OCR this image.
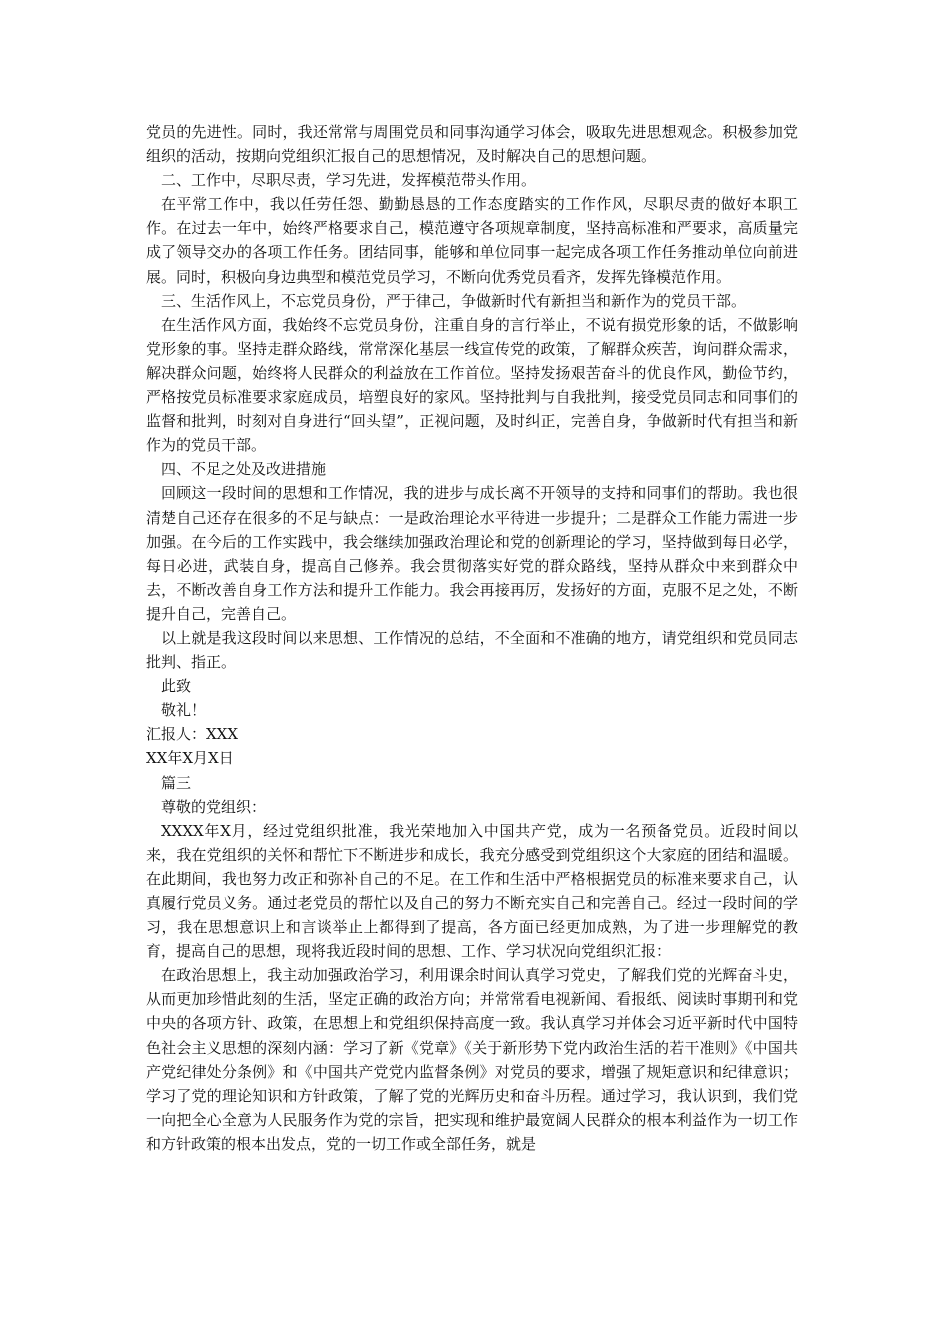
党员的先进性。同时，我还常常与周围党员和同事沟通学习体会，吸取先进思想观念。积极参加党组织的活动，按期向党组织汇报自己的思想情况，及时解决自己的思想问题。

二、工作中，尽职尽责，学习先进，发挥模范带头作用。

在平常工作中，我以任劳任怨、勤勤恳恳的工作态度踏实的工作作风，尽职尽责的做好本职工作。在过去一年中，始终严格要求自己，模范遵守各项规章制度，坚持高标准和严要求，高质量完成了领导交办的各项工作任务。团结同事，能够和单位同事一起完成各项工作任务推动单位向前进展。同时，积极向身边典型和模范党员学习，不断向优秀党员看齐，发挥先锋模范作用。

三、生活作风上，不忘党员身份，严于律己，争做新时代有新担当和新作为的党员干部。

在生活作风方面，我始终不忘党员身份，注重自身的言行举止，不说有损党形象的话，不做影响党形象的事。坚持走群众路线，常常深化基层一线宣传党的政策，了解群众疾苦，询问群众需求，解决群众问题，始终将人民群众的利益放在工作首位。坚持发扬艰苦奋斗的优良作风，勤俭节约，严格按党员标准要求家庭成员，培塑良好的家风。坚持批判与自我批判，接受党员同志和同事们的监督和批判，时刻对自身进行“回头望”，正视问题，及时纠正，完善自身，争做新时代有担当和新作为的党员干部。

四、不足之处及改进措施

回顾这一段时间的思想和工作情况，我的进步与成长离不开领导的支持和同事们的帮助。我也很清楚自己还存在很多的不足与缺点：一是政治理论水平待进一步提升；二是群众工作能力需进一步加强。在今后的工作实践中，我会继续加强政治理论和党的创新理论的学习，坚持做到每日必学，每日必进，武装自身，提高自己修养。我会贯彻落实好党的群众路线，坚持从群众中来到群众中去，不断改善自身工作方法和提升工作能力。我会再接再厉，发扬好的方面，克服不足之处，不断提升自己，完善自己。

以上就是我这段时间以来思想、工作情况的总结，不全面和不准确的地方，请党组织和党员同志批判、指正。

此致

敬礼！

汇报人：XXX

XX年X月X日

篇三

尊敬的党组织：

XXXX年X月，经过党组织批准，我光荣地加入中国共产党，成为一名预备党员。近段时间以来，我在党组织的关怀和帮忙下不断进步和成长，我充分感受到党组织这个大家庭的团结和温暖。在此期间，我也努力改正和弥补自己的不足。在工作和生活中严格根据党员的标准来要求自己，认真履行党员义务。通过老党员的帮忙以及自己的努力不断充实自己和完善自己。经过一段时间的学习，我在思想意识上和言谈举止上都得到了提高，各方面已经更加成熟，为了进一步理解党的教育，提高自己的思想，现将我近段时间的思想、工作、学习状况向党组织汇报：

在政治思想上，我主动加强政治学习，利用课余时间认真学习党史，了解我们党的光辉奋斗史，从而更加珍惜此刻的生活，坚定正确的政治方向；并常常看电视新闻、看报纸、阅读时事期刊和党中央的各项方针、政策，在思想上和党组织保持高度一致。我认真学习并体会习近平新时代中国特色社会主义思想的深刻内涵：学习了新《党章》《关于新形势下党内政治生活的若干准则》《中国共产党纪律处分条例》和《中国共产党党内监督条例》对党员的要求，增强了规矩意识和纪律意识；学习了党的理论知识和方针政策，了解了党的光辉历史和奋斗历程。通过学习，我认识到，我们党一向把全心全意为人民服务作为党的宗旨，把实现和维护最宽阔人民群众的根本利益作为一切工作和方针政策的根本出发点，党的一切工作或全部任务，就是
